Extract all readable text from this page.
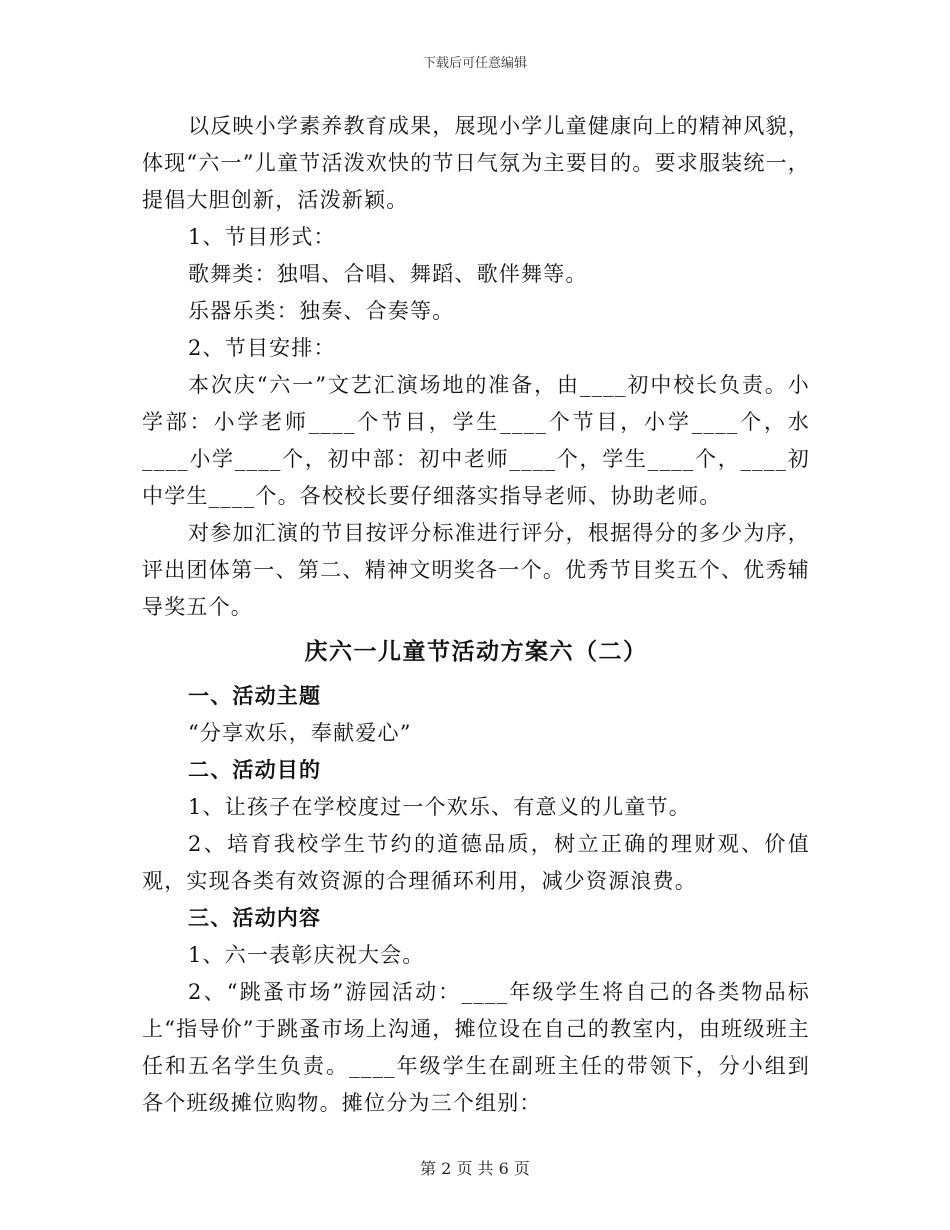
下载后可任意编辑

以反映小学素养教育成果，展现小学儿童健康向上的精神风貌，体现“六一”儿童节活泼欢快的节日气氛为主要目的。要求服装统一，提倡大胆创新，活泼新颖。

1、节目形式：

歌舞类：独唱、合唱、舞蹈、歌伴舞等。

乐器乐类：独奏、合奏等。

2、节目安排：

本次庆“六一”文艺汇演场地的准备，由____初中校长负责。小学部：小学老师____个节目，学生____个节目，小学____个，水____小学____个，初中部：初中老师____个，学生____个，____初中学生____个。各校校长要仔细落实指导老师、协助老师。

对参加汇演的节目按评分标准进行评分，根据得分的多少为序，评出团体第一、第二、精神文明奖各一个。优秀节目奖五个、优秀辅导奖五个。

庆六一儿童节活动方案六（二）

一、活动主题

“分享欢乐，奉献爱心”

二、活动目的

1、让孩子在学校度过一个欢乐、有意义的儿童节。

2、培育我校学生节约的道德品质，树立正确的理财观、价值观，实现各类有效资源的合理循环利用，减少资源浪费。

三、活动内容

1、六一表彰庆祝大会。

2、“跳蚤市场”游园活动：____年级学生将自己的各类物品标上“指导价”于跳蚤市场上沟通，摊位设在自己的教室内，由班级班主任和五名学生负责。____年级学生在副班主任的带领下，分小组到各个班级摊位购物。摊位分为三个组别：

第 2 页 共 6 页
